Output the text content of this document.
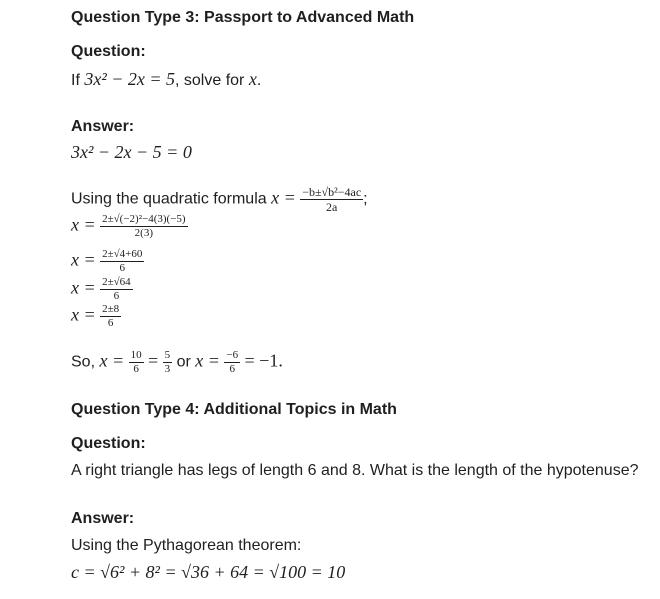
Question Type 3: Passport to Advanced Math
Question:
If 3x² − 2x = 5, solve for x.
Answer:
3x² − 2x − 5 = 0
Using the quadratic formula $x = \frac{\text{−b±√b²−4ac}}{2a}$ ;
$x = \frac{\text{2±√(−2)²−4(3)(−5)}}{2(3)}$
$x = \frac{2\pm√4+60}{6}$
$x = \frac{2\pm√64}{6}$
$x = \frac{2\pm 8}{6}$
So, $x = \frac{10}{6} = \frac{5}{3}$ or $x = \frac{-6}{6} = -1$.
Question Type 4: Additional Topics in Math
Question:
A right triangle has legs of length 6 and 8. What is the length of the hypotenuse?
Answer:
Using the Pythagorean theorem:
c = √6² + 8² = √36 + 64 = √100 = 10
